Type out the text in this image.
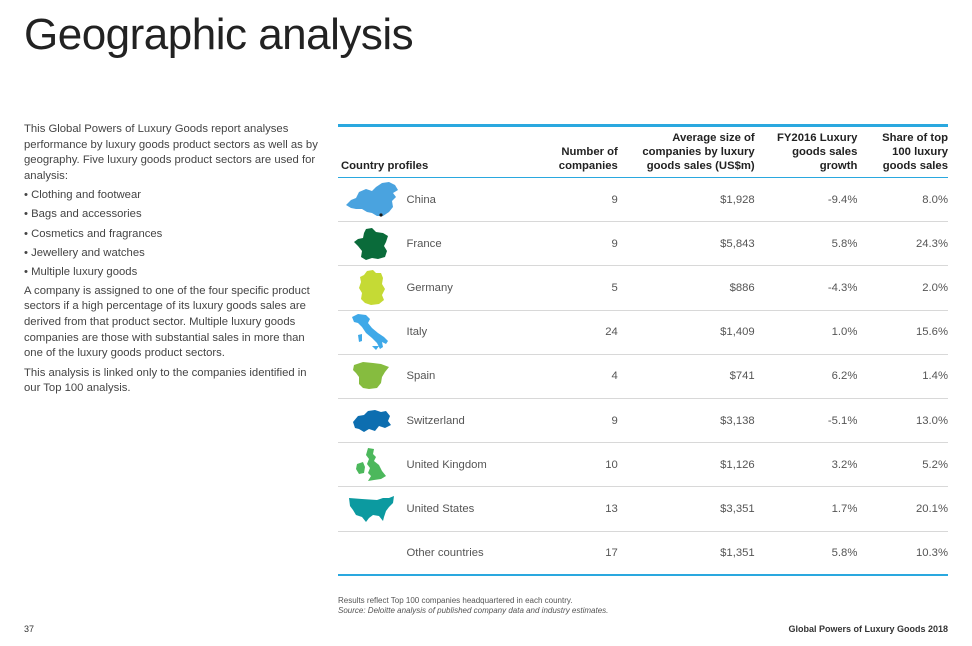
Geographic analysis

This Global Powers of Luxury Goods report analyses performance by luxury goods product sectors as well as by geography. Five luxury goods product sectors are used for analysis:

• Clothing and footwear
• Bags and accessories
• Cosmetics and fragrances
• Jewellery and watches
• Multiple luxury goods

A company is assigned to one of the four specific product sectors if a high percentage of its luxury goods sales are derived from that product sector. Multiple luxury goods companies are those with substantial sales in more than one of the luxury goods product sectors.

This analysis is linked only to the companies identified in our Top 100 analysis.

Country profiles		Number of
companies	Average size of
companies by luxury
goods sales (US$m)	FY2016 Luxury
goods sales
growth	Share of top
100 luxury
goods sales

	China	9	$1,928	-9.4%	8.0%

	France	9	$5,843	5.8%	24.3%

	Germany	5	$886	-4.3%	2.0%

	Italy	24	$1,409	1.0%	15.6%

	Spain	4	$741	6.2%	1.4%

	Switzerland	9	$3,138	-5.1%	13.0%

	United Kingdom	10	$1,126	3.2%	5.2%

	United States	13	$3,351	1.7%	20.1%
	Other countries	17	$1,351	5.8%	10.3%
Results reflect Top 100 companies headquartered in each country.
Source: Deloitte analysis of published company data and industry estimates.
37	Global Powers of Luxury Goods 2018
